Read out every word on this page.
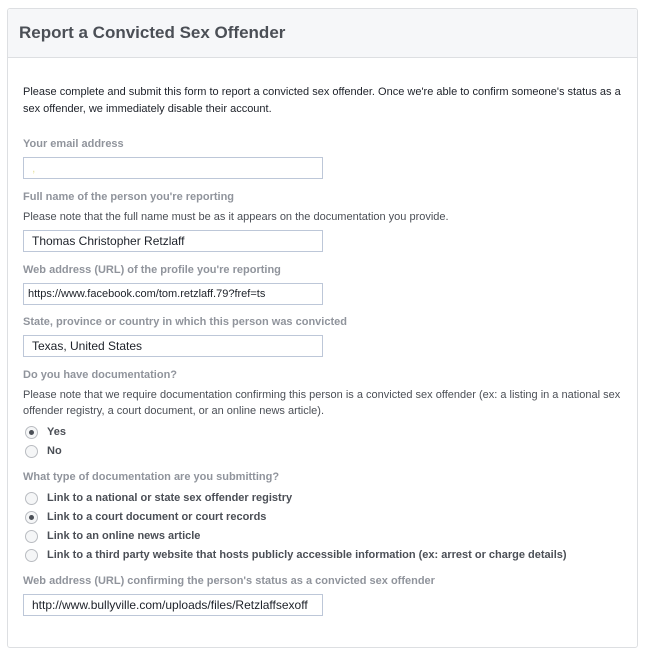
Report a Convicted Sex Offender
Please complete and submit this form to report a convicted sex offender. Once we're able to confirm someone's status as a sex offender, we immediately disable their account.
Your email address
,
Full name of the person you're reporting
Please note that the full name must be as it appears on the documentation you provide.
Thomas Christopher Retzlaff
Web address (URL) of the profile you're reporting
https://www.facebook.com/tom.retzlaff.79?fref=ts
State, province or country in which this person was convicted
Texas, United States
Do you have documentation?
Please note that we require documentation confirming this person is a convicted sex offender (ex: a listing in a national sex offender registry, a court document, or an online news article).
Yes
No
What type of documentation are you submitting?
Link to a national or state sex offender registry
Link to a court document or court records
Link to an online news article
Link to a third party website that hosts publicly accessible information (ex: arrest or charge details)
Web address (URL) confirming the person's status as a convicted sex offender
http://www.bullyville.com/uploads/files/Retzlaffsexoff
